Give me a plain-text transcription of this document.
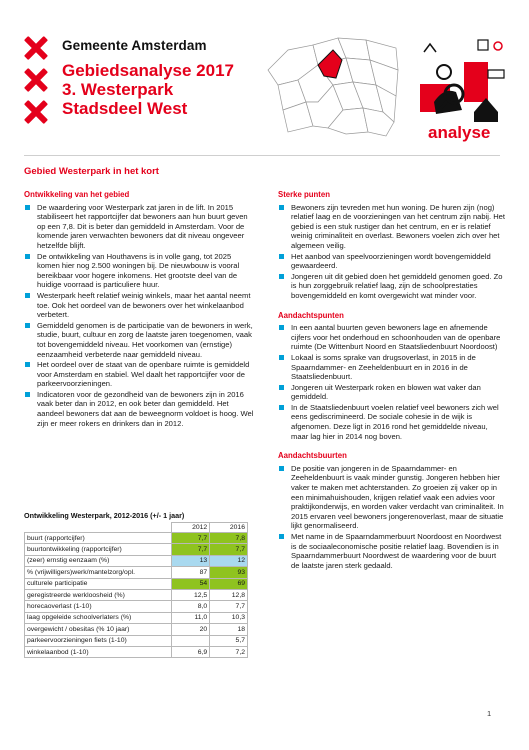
Gemeente Amsterdam
Gebiedsanalyse 2017
3. Westerpark
Stadsdeel West
analyse
Gebied Westerpark in het kort
Ontwikkeling van het gebied
De waardering voor Westerpark zat jaren in de lift. In 2015 stabiliseert het rapportcijfer dat bewoners aan hun buurt geven op een 7,8. Dit is beter dan gemiddeld in Amsterdam. Voor de komende jaren verwachten bewoners dat dit niveau ongeveer hetzelfde blijft.
De ontwikkeling van Houthavens is in volle gang, tot 2025 komen hier nog 2.500 woningen bij. De nieuwbouw is vooral bereikbaar voor hogere inkomens. Het grootste deel van de huidige voorraad is particuliere huur.
Westerpark heeft relatief weinig winkels, maar het aantal neemt toe. Ook het oordeel van de bewoners over het winkelaanbod verbetert.
Gemiddeld genomen is de participatie van de bewoners in werk, studie, buurt, cultuur en zorg de laatste jaren toegenomen, vaak tot bovengemiddeld niveau. Het voorkomen van (ernstige) eenzaamheid verbeterde naar gemiddeld niveau.
Het oordeel over de staat van de openbare ruimte is gemiddeld voor Amsterdam en stabiel. Wel daalt het rapportcijfer voor de parkeervoorzieningen.
Indicatoren voor de gezondheid van de bewoners zijn in 2016 vaak beter dan in 2012, en ook beter dan gemiddeld. Het aandeel bewoners dat aan de beweegnorm voldoet is hoog. Wel zijn er meer rokers en drinkers dan in 2012.
Ontwikkeling Westerpark, 2012-2016 (+/- 1 jaar)
	2012	2016
buurt (rapportcijfer)	7,7	7,8
buurtontwikkeling (rapportcijfer)	7,7	7,7
(zeer) ernstig eenzaam (%)	13	12
% (vrijwilligers)werk/mantelzorg/opl.	87	93
culturele participatie	54	69
geregistreerde werkloosheid (%)	12,5	12,8
horecaoverlast (1-10)	8,0	7,7
laag opgeleide schoolverlaters (%)	11,0	10,3
overgewicht / obesitas (% 10 jaar)	20	18
parkeervoorzieningen fiets (1-10)		5,7
winkelaanbod (1-10)	6,9	7,2
Sterke punten
Bewoners zijn tevreden met hun woning. De huren zijn (nog) relatief laag en de voorzieningen van het centrum zijn nabij. Het gebied is een stuk rustiger dan het centrum, en er is relatief weinig criminaliteit en overlast. Bewoners voelen zich over het algemeen veilig.
Het aanbod van speelvoorzieningen wordt bovengemiddeld gewaardeerd.
Jongeren uit dit gebied doen het gemiddeld genomen goed. Zo is hun zorggebruik relatief laag, zijn de schoolprestaties bovengemiddeld en komt overgewicht wat minder voor.
Aandachtspunten
In een aantal buurten geven bewoners lage en afnemende cijfers voor het onderhoud en schoonhouden van de openbare ruimte (De Wittenburt Noord en Staatsliedenbuurt Noordoost)
Lokaal is soms sprake van drugsoverlast, in 2015 in de Spaarndammer- en Zeeheldenbuurt en in 2016 in de Staatsliedenbuurt.
Jongeren uit Westerpark roken en blowen wat vaker dan gemiddeld.
In de Staatsliedenbuurt voelen relatief veel bewoners zich wel eens gediscrimineerd. De sociale cohesie in de wijk is afgenomen. Deze ligt in 2016 rond het gemiddelde niveau, maar lag hier in 2014 nog boven.
Aandachtsbuurten
De positie van jongeren in de Spaarndammer- en Zeeheldenbuurt is vaak minder gunstig. Jongeren hebben hier vaker te maken met achterstanden. Zo groeien zij vaker op in een minimahuishouden, krijgen relatief vaak een advies voor praktijkonderwijs, en worden vaker verdacht van criminaliteit. In 2015 ervaren veel bewoners jongerenoverlast, maar de situatie lijkt genormaliseerd.
Met name in de Spaarndammerbuurt Noordoost en Noordwest is de sociaaleconomische positie relatief laag. Bovendien is in Spaarndammerbuurt Noordwest de waardering voor de buurt de laatste jaren sterk gedaald.
1
